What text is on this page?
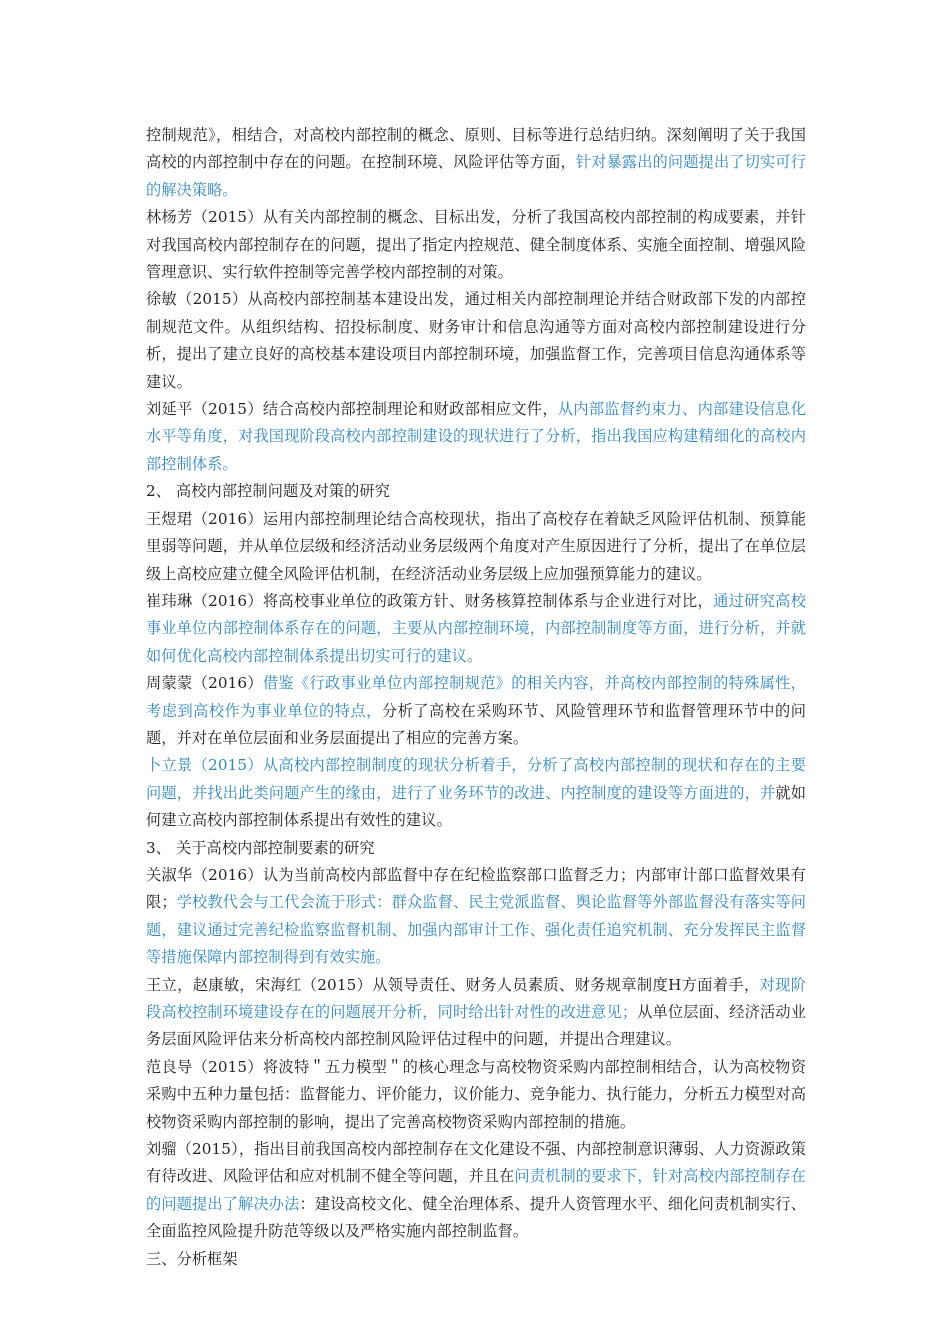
控制规范》，相结合，对高校内部控制的概念、原则、目标等进行总结归纳。深刻阐明了关于我国高校的内部控制中存在的问题。在控制环境、风险评估等方面，针对暴露出的问题提出了切实可行的解决策略。

林杨芳（2015）从有关内部控制的概念、目标出发，分析了我国高校内部控制的构成要素，并针对我国高校内部控制存在的问题，提出了指定内控规范、健全制度体系、实施全面控制、增强风险管理意识、实行软件控制等完善学校内部控制的对策。

徐敏（2015）从高校内部控制基本建设出发，通过相关内部控制理论并结合财政部下发的内部控制规范文件。从组织结构、招投标制度、财务审计和信息沟通等方面对高校内部控制建设进行分析，提出了建立良好的高校基本建设项目内部控制环境，加强监督工作，完善项目信息沟通体系等建议。

刘延平（2015）结合高校内部控制理论和财政部相应文件，从内部监督约束力、内部建设信息化水平等角度，对我国现阶段高校内部控制建设的现状进行了分析，指出我国应构建精细化的高校内部控制体系。

2、 高校内部控制问题及对策的研究

王煜珺（2016）运用内部控制理论结合高校现状，指出了高校存在着缺乏风险评估机制、预算能里弱等问题，并从单位层级和经济活动业务层级两个角度对产生原因进行了分析，提出了在单位层级上高校应建立健全风险评估机制，在经济活动业务层级上应加强预算能力的建议。

崔玮琳（2016）将高校事业单位的政策方针、财务核算控制体系与企业进行对比，通过研究高校事业单位内部控制体系存在的问题，主要从内部控制环境，内部控制制度等方面，进行分析，并就如何优化高校内部控制体系提出切实可行的建议。

周蒙蒙（2016）借鉴《行政事业单位内部控制规范》的相关内容，并高校内部控制的特殊属性，考虑到高校作为事业单位的特点，分析了高校在采购环节、风险管理环节和监督管理环节中的问题，并对在单位层面和业务层面提出了相应的完善方案。

卜立景（2015）从高校内部控制制度的现状分析着手，分析了高校内部控制的现状和存在的主要问题，并找出此类问题产生的缘由，进行了业务环节的改进、内控制度的建设等方面进的，并就如何建立高校内部控制体系提出有效性的建议。

3、 关于高校内部控制要素的研究

关淑华（2016）认为当前高校内部监督中存在纪检监察部口监督乏力；内部审计部口监督效果有限；学校教代会与工代会流于形式：群众监督、民主党派监督、舆论监督等外部监督没有落实等问题，建议通过完善纪检监察监督机制、加强内部审计工作、强化责任追究机制、充分发挥民主监督等措施保障内部控制得到有效实施。

王立，赵康敏，宋海红（2015）从领导责任、财务人员素质、财务规章制度H方面着手，对现阶段高校控制环境建设存在的问题展开分析，同时给出针对性的改进意见；从单位层面、经济活动业务层面风险评估来分析高校内部控制风险评估过程中的问题，并提出合理建议。

范良导（2015）将波特＂五力模型＂的核心理念与高校物资采购内部控制相结合，认为高校物资采购中五种力量包括：监督能力、评价能力，议价能力、竞争能力、执行能力，分析五力模型对高校物资采购内部控制的影响，提出了完善高校物资采购内部控制的措施。

刘骝（2015），指出目前我国高校内部控制存在文化建设不强、内部控制意识薄弱、人力资源政策有待改进、风险评估和应对机制不健全等问题，并且在问责机制的要求下，针对高校内部控制存在的问题提出了解决办法：建设高校文化、健全治理体系、提升人资管理水平、细化问责机制实行、全面监控风险提升防范等级以及严格实施内部控制监督。

三、分析框架
